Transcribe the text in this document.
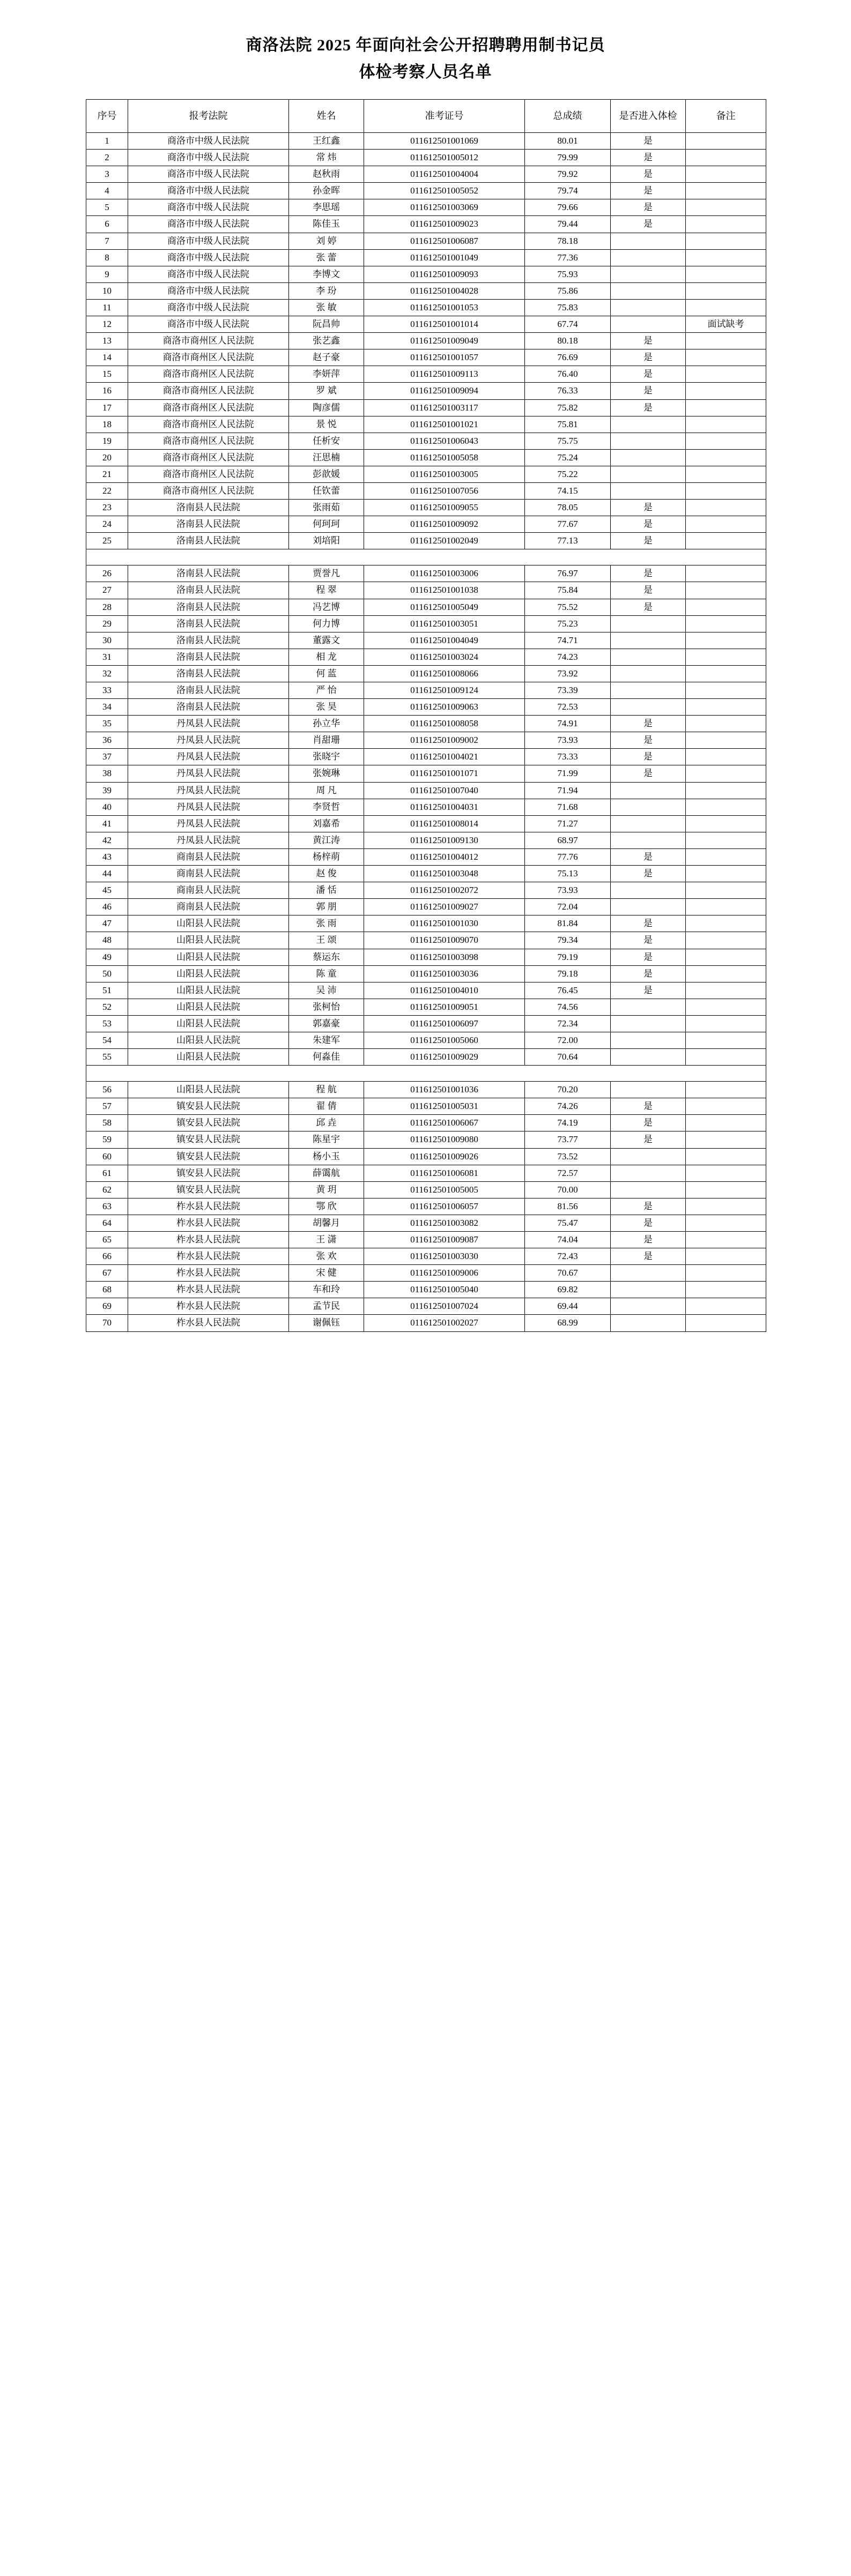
商洛法院 2025 年面向社会公开招聘聘用制书记员
体检考察人员名单
序号	报考法院	姓名	准考证号	总成绩	是否进入体检	备注
1	商洛市中级人民法院	王红鑫	011612501001069	80.01	是	
2	商洛市中级人民法院	常 炜	011612501005012	79.99	是	
3	商洛市中级人民法院	赵秋雨	011612501004004	79.92	是	
4	商洛市中级人民法院	孙金晖	011612501005052	79.74	是	
5	商洛市中级人民法院	李思瑶	011612501003069	79.66	是	
6	商洛市中级人民法院	陈佳玉	011612501009023	79.44	是	
7	商洛市中级人民法院	刘 婷	011612501006087	78.18		
8	商洛市中级人民法院	张 蕾	011612501001049	77.36		
9	商洛市中级人民法院	李博文	011612501009093	75.93		
10	商洛市中级人民法院	李 玢	011612501004028	75.86		
11	商洛市中级人民法院	张 敏	011612501001053	75.83		
12	商洛市中级人民法院	阮昌帅	011612501001014	67.74		面试缺考
13	商洛市商州区人民法院	张艺鑫	011612501009049	80.18	是	
14	商洛市商州区人民法院	赵子豪	011612501001057	76.69	是	
15	商洛市商州区人民法院	李妍萍	011612501009113	76.40	是	
16	商洛市商州区人民法院	罗 斌	011612501009094	76.33	是	
17	商洛市商州区人民法院	陶彦儒	011612501003117	75.82	是	
18	商洛市商州区人民法院	景 悦	011612501001021	75.81		
19	商洛市商州区人民法院	任析安	011612501006043	75.75		
20	商洛市商州区人民法院	汪思楠	011612501005058	75.24		
21	商洛市商州区人民法院	彭歆媛	011612501003005	75.22		
22	商洛市商州区人民法院	任钦蕾	011612501007056	74.15		
23	洛南县人民法院	张雨茹	011612501009055	78.05	是	
24	洛南县人民法院	何珂珂	011612501009092	77.67	是	
25	洛南县人民法院	刘培阳	011612501002049	77.13	是	

26	洛南县人民法院	贾誉凡	011612501003006	76.97	是	
27	洛南县人民法院	程 翠	011612501001038	75.84	是	
28	洛南县人民法院	冯艺博	011612501005049	75.52	是	
29	洛南县人民法院	何力博	011612501003051	75.23		
30	洛南县人民法院	董露文	011612501004049	74.71		
31	洛南县人民法院	相 龙	011612501003024	74.23		
32	洛南县人民法院	何 蓝	011612501008066	73.92		
33	洛南县人民法院	严 怡	011612501009124	73.39		
34	洛南县人民法院	张 昊	011612501009063	72.53		
35	丹凤县人民法院	孙立华	011612501008058	74.91	是	
36	丹凤县人民法院	肖甜珊	011612501009002	73.93	是	
37	丹凤县人民法院	张晓宇	011612501004021	73.33	是	
38	丹凤县人民法院	张婉琳	011612501001071	71.99	是	
39	丹凤县人民法院	周 凡	011612501007040	71.94		
40	丹凤县人民法院	李贤哲	011612501004031	71.68		
41	丹凤县人民法院	刘嘉希	011612501008014	71.27		
42	丹凤县人民法院	黄江涛	011612501009130	68.97		
43	商南县人民法院	杨梓萌	011612501004012	77.76	是	
44	商南县人民法院	赵 俊	011612501003048	75.13	是	
45	商南县人民法院	潘 恬	011612501002072	73.93		
46	商南县人民法院	郭 朋	011612501009027	72.04		
47	山阳县人民法院	张 雨	011612501001030	81.84	是	
48	山阳县人民法院	王 颂	011612501009070	79.34	是	
49	山阳县人民法院	蔡运东	011612501003098	79.19	是	
50	山阳县人民法院	陈 童	011612501003036	79.18	是	
51	山阳县人民法院	吴 沛	011612501004010	76.45	是	
52	山阳县人民法院	张柯怡	011612501009051	74.56		
53	山阳县人民法院	郭嘉豪	011612501006097	72.34		
54	山阳县人民法院	朱建军	011612501005060	72.00		
55	山阳县人民法院	何淼佳	011612501009029	70.64		

56	山阳县人民法院	程 航	011612501001036	70.20		
57	镇安县人民法院	翟 倩	011612501005031	74.26	是	
58	镇安县人民法院	邱 垚	011612501006067	74.19	是	
59	镇安县人民法院	陈星宇	011612501009080	73.77	是	
60	镇安县人民法院	杨小玉	011612501009026	73.52		
61	镇安县人民法院	薛霭航	011612501006081	72.57		
62	镇安县人民法院	黄 玥	011612501005005	70.00		
63	柞水县人民法院	鄂 欣	011612501006057	81.56	是	
64	柞水县人民法院	胡馨月	011612501003082	75.47	是	
65	柞水县人民法院	王 潇	011612501009087	74.04	是	
66	柞水县人民法院	张 欢	011612501003030	72.43	是	
67	柞水县人民法院	宋 健	011612501009006	70.67		
68	柞水县人民法院	车和玲	011612501005040	69.82		
69	柞水县人民法院	孟节民	011612501007024	69.44		
70	柞水县人民法院	谢佩钰	011612501002027	68.99		
